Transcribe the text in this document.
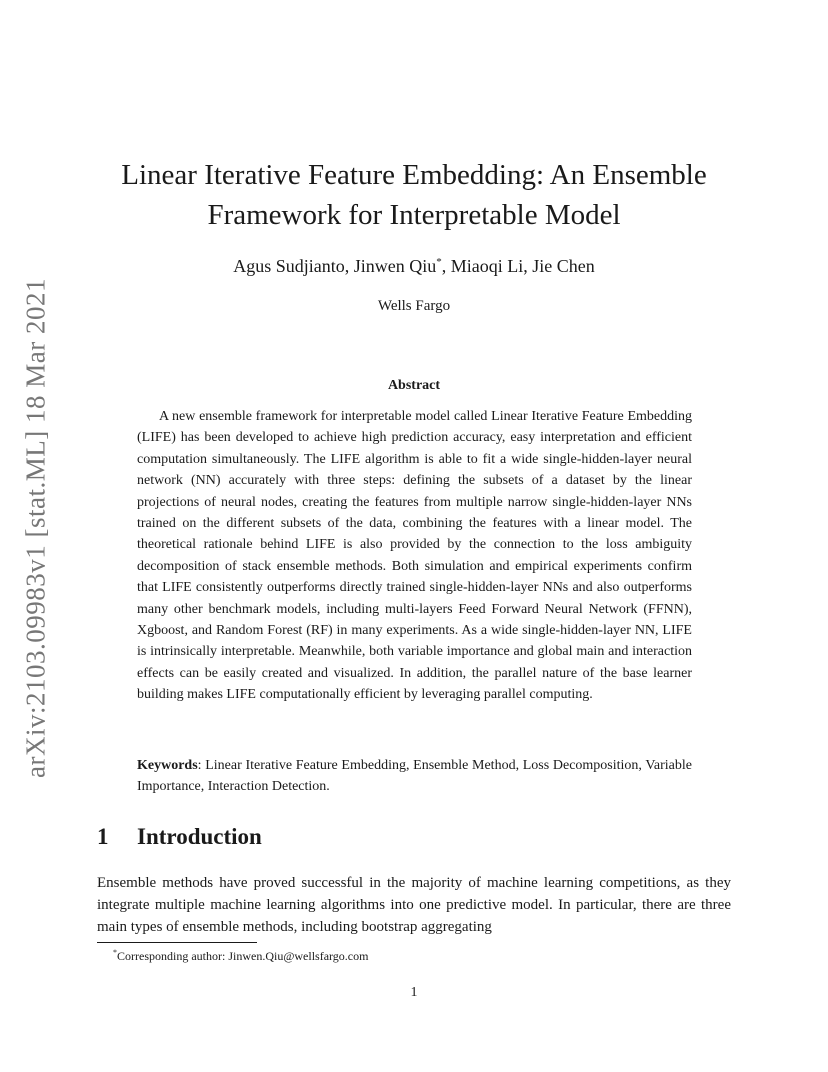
arXiv:2103.09983v1 [stat.ML] 18 Mar 2021
Linear Iterative Feature Embedding: An Ensemble
Framework for Interpretable Model
Agus Sudjianto, Jinwen Qiu*, Miaoqi Li, Jie Chen
Wells Fargo
Abstract

A new ensemble framework for interpretable model called Linear Iterative Feature Embedding (LIFE) has been developed to achieve high prediction accuracy, easy interpretation and efficient computation simultaneously. The LIFE algorithm is able to fit a wide single-hidden-layer neural network (NN) accurately with three steps: defining the subsets of a dataset by the linear projections of neural nodes, creating the features from multiple narrow single-hidden-layer NNs trained on the different subsets of the data, combining the features with a linear model. The theoretical rationale behind LIFE is also provided by the connection to the loss ambiguity decomposition of stack ensemble methods. Both simulation and empirical experiments confirm that LIFE consistently outperforms directly trained single-hidden-layer NNs and also outperforms many other benchmark models, including multi-layers Feed Forward Neural Network (FFNN), Xgboost, and Random Forest (RF) in many experiments. As a wide single-hidden-layer NN, LIFE is intrinsically interpretable. Meanwhile, both variable importance and global main and interaction effects can be easily created and visualized. In addition, the parallel nature of the base learner building makes LIFE computationally efficient by leveraging parallel computing.

Keywords: Linear Iterative Feature Embedding, Ensemble Method, Loss Decomposition, Variable Importance, Interaction Detection.

1 Introduction

Ensemble methods have proved successful in the majority of machine learning competitions, as they integrate multiple machine learning algorithms into one predictive model. In particular, there are three main types of ensemble methods, including bootstrap aggregating

*Corresponding author: Jinwen.Qiu@wellsfargo.com

1
